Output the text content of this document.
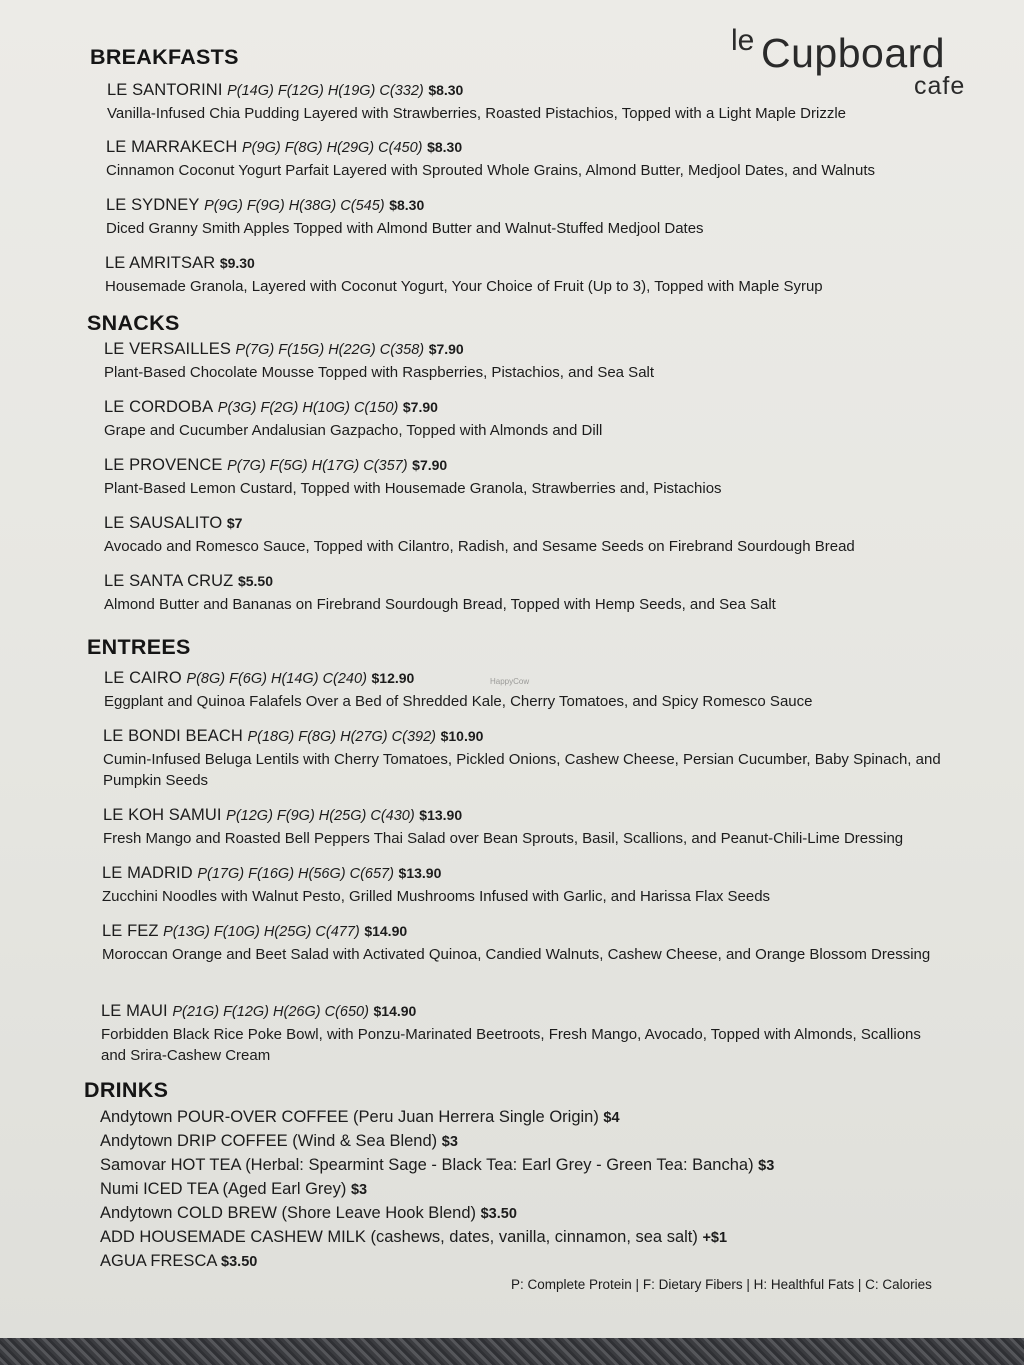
le Cupboard
cafe
BREAKFASTS
LE SANTORINI P(14G) F(12G) H(19G) C(332) $8.30
Vanilla-Infused Chia Pudding Layered with Strawberries, Roasted Pistachios, Topped with a Light Maple Drizzle
LE MARRAKECH P(9G) F(8G) H(29G) C(450) $8.30
Cinnamon Coconut Yogurt Parfait Layered with Sprouted Whole Grains, Almond Butter, Medjool Dates, and Walnuts
LE SYDNEY P(9G) F(9G) H(38G) C(545) $8.30
Diced Granny Smith Apples Topped with Almond Butter and Walnut-Stuffed Medjool Dates
LE AMRITSAR $9.30
Housemade Granola, Layered with Coconut Yogurt, Your Choice of Fruit (Up to 3), Topped with Maple Syrup
SNACKS
LE VERSAILLES P(7G) F(15G) H(22G) C(358) $7.90
Plant-Based Chocolate Mousse Topped with Raspberries, Pistachios, and Sea Salt
LE CORDOBA P(3G) F(2G) H(10G) C(150) $7.90
Grape and Cucumber Andalusian Gazpacho, Topped with Almonds and Dill
LE PROVENCE P(7G) F(5G) H(17G) C(357) $7.90
Plant-Based Lemon Custard, Topped with Housemade Granola, Strawberries and, Pistachios
LE SAUSALITO $7
Avocado and Romesco Sauce, Topped with Cilantro, Radish, and Sesame Seeds on Firebrand Sourdough Bread
LE SANTA CRUZ $5.50
Almond Butter and Bananas on Firebrand Sourdough Bread, Topped with Hemp Seeds, and Sea Salt
ENTREES
LE CAIRO P(8G) F(6G) H(14G) C(240) $12.90
Eggplant and Quinoa Falafels Over a Bed of Shredded Kale, Cherry Tomatoes, and Spicy Romesco Sauce
LE BONDI BEACH P(18G) F(8G) H(27G) C(392) $10.90
Cumin-Infused Beluga Lentils with Cherry Tomatoes, Pickled Onions, Cashew Cheese, Persian Cucumber, Baby Spinach, and Pumpkin Seeds
LE KOH SAMUI P(12G) F(9G) H(25G) C(430) $13.90
Fresh Mango and Roasted Bell Peppers Thai Salad over Bean Sprouts, Basil, Scallions, and Peanut-Chili-Lime Dressing
LE MADRID P(17G) F(16G) H(56G) C(657) $13.90
Zucchini Noodles with Walnut Pesto, Grilled Mushrooms Infused with Garlic, and Harissa Flax Seeds
LE FEZ P(13G) F(10G) H(25G) C(477) $14.90
Moroccan Orange and Beet Salad with Activated Quinoa, Candied Walnuts, Cashew Cheese, and Orange Blossom Dressing
LE MAUI P(21G) F(12G) H(26G) C(650) $14.90
Forbidden Black Rice Poke Bowl, with Ponzu-Marinated Beetroots, Fresh Mango, Avocado, Topped with Almonds, Scallions and Srira-Cashew Cream
DRINKS
Andytown POUR-OVER COFFEE (Peru Juan Herrera Single Origin) $4
Andytown DRIP COFFEE (Wind & Sea Blend) $3
Samovar HOT TEA (Herbal: Spearmint Sage - Black Tea: Earl Grey - Green Tea: Bancha) $3
Numi ICED TEA (Aged Earl Grey) $3
Andytown COLD BREW (Shore Leave Hook Blend) $3.50
ADD HOUSEMADE CASHEW MILK (cashews, dates, vanilla, cinnamon, sea salt) +$1
AGUA FRESCA $3.50
P: Complete Protein | F: Dietary Fibers | H: Healthful Fats | C: Calories
HappyCow
